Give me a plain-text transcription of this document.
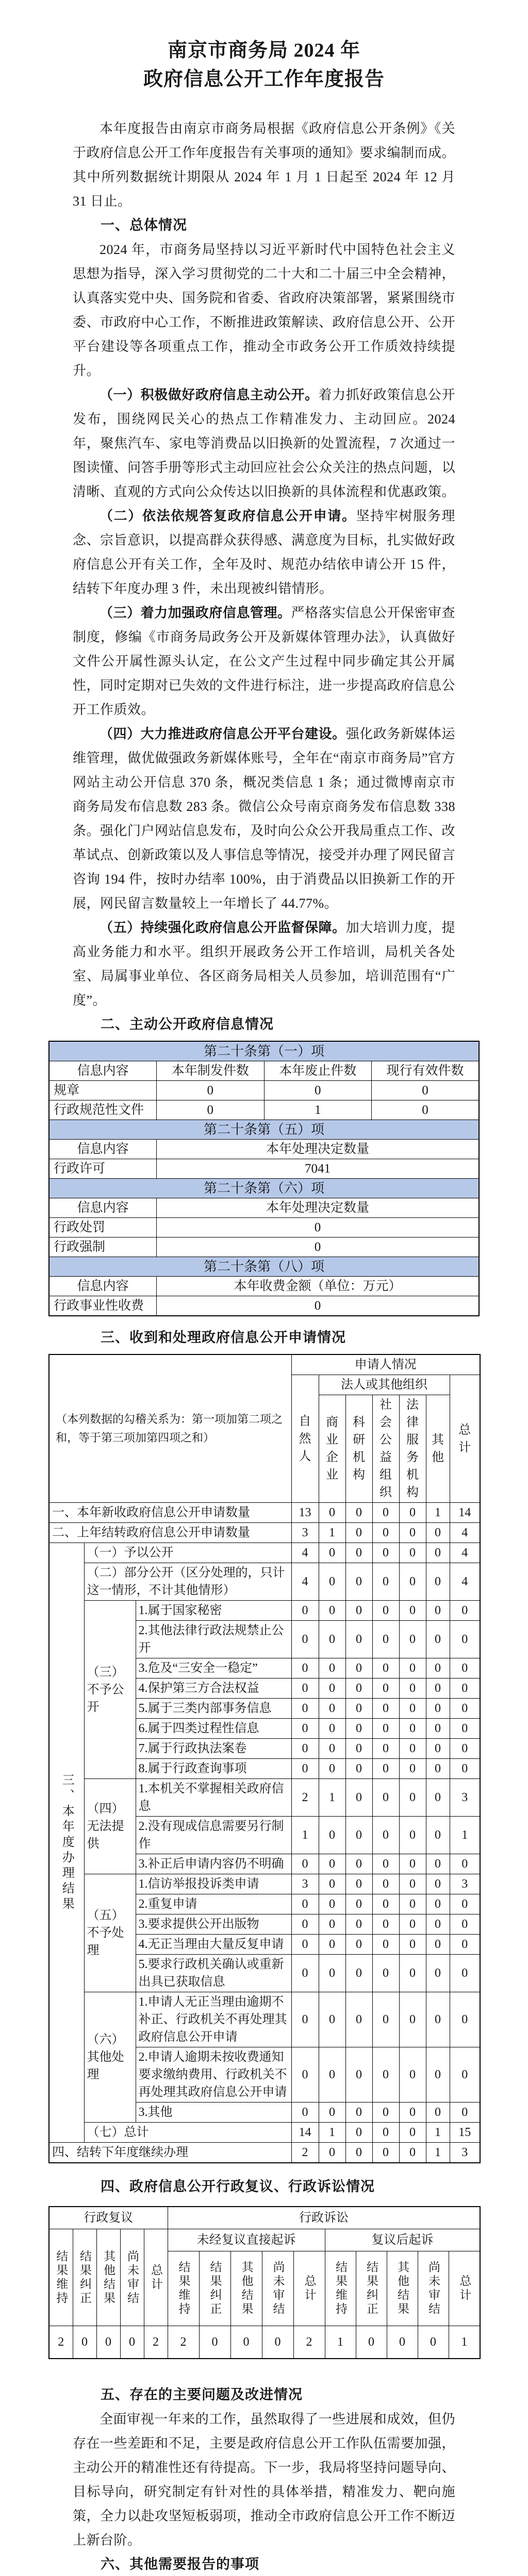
南京市商务局 2024 年
政府信息公开工作年度报告

本年度报告由南京市商务局根据《政府信息公开条例》《关于政府信息公开工作年度报告有关事项的通知》要求编制而成。其中所列数据统计期限从 2024 年 1 月 1 日起至 2024 年 12 月 31 日止。

一、总体情况

2024 年，市商务局坚持以习近平新时代中国特色社会主义思想为指导，深入学习贯彻党的二十大和二十届三中全会精神，认真落实党中央、国务院和省委、省政府决策部署，紧紧围绕市委、市政府中心工作，不断推进政策解读、政府信息公开、公开平台建设等各项重点工作，推动全市政务公开工作质效持续提升。

（一）积极做好政府信息主动公开。着力抓好政策信息公开发布，围绕网民关心的热点工作精准发力、主动回应。2024 年，聚焦汽车、家电等消费品以旧换新的处置流程，7 次通过一图读懂、问答手册等形式主动回应社会公众关注的热点问题，以清晰、直观的方式向公众传达以旧换新的具体流程和优惠政策。

（二）依法依规答复政府信息公开申请。坚持牢树服务理念、宗旨意识，以提高群众获得感、满意度为目标，扎实做好政府信息公开有关工作，全年及时、规范办结依申请公开 15 件，结转下年度办理 3 件，未出现被纠错情形。

（三）着力加强政府信息管理。严格落实信息公开保密审查制度，修编《市商务局政务公开及新媒体管理办法》，认真做好文件公开属性源头认定，在公文产生过程中同步确定其公开属性，同时定期对已失效的文件进行标注，进一步提高政府信息公开工作质效。

（四）大力推进政府信息公开平台建设。强化政务新媒体运维管理，做优做强政务新媒体账号，全年在“南京市商务局”官方网站主动公开信息 370 条，概况类信息 1 条；通过微博南京市商务局发布信息数 283 条。微信公众号南京商务发布信息数 338 条。强化门户网站信息发布，及时向公众公开我局重点工作、改革试点、创新政策以及人事信息等情况，接受并办理了网民留言咨询 194 件，按时办结率 100%，由于消费品以旧换新工作的开展，网民留言数量较上一年增长了 44.77%。

（五）持续强化政府信息公开监督保障。加大培训力度，提高业务能力和水平。组织开展政务公开工作培训，局机关各处室、局属事业单位、各区商务局相关人员参加，培训范围有“广度”。

二、主动公开政府信息情况
第二十条第（一）项			
信息内容	本年制发件数	本年废止件数	现行有效件数
规章	0	0	0
行政规范性文件	0	1	0
第二十条第（五）项			
信息内容	本年处理决定数量		
行政许可	7041		
第二十条第（六）项			
信息内容	本年处理决定数量		
行政处罚	0		
行政强制	0		
第二十条第（八）项			
信息内容	本年收费金额（单位：万元）		
行政事业性收费	0		
三、收到和处理政府信息公开申请情况
（本列数据的勾稽关系为：第一项加第二项之和，等于第三项加第四项之和）			申请人情况						
			自然人	法人或其他组织					总计
				商业企业	科研机构	社会公益组织	法律服务机构	其他	
一、本年新收政府信息公开申请数量			13	0	0	0	0	1	14
二、上年结转政府信息公开申请数量			3	1	0	0	0	0	4
三、本年度办理结果	（一）予以公开		4	0	0	0	0	0	4
	（二）部分公开（区分处理的，只计这一情形，不计其他情形）		4	0	0	0	0	0	4
	（三）不予公开	1.属于国家秘密	0	0	0	0	0	0	0
		2.其他法律行政法规禁止公开	0	0	0	0	0	0	0
		3.危及“三安全一稳定”	0	0	0	0	0	0	0
		4.保护第三方合法权益	0	0	0	0	0	0	0
		5.属于三类内部事务信息	0	0	0	0	0	0	0
		6.属于四类过程性信息	0	0	0	0	0	0	0
		7.属于行政执法案卷	0	0	0	0	0	0	0
		8.属于行政查询事项	0	0	0	0	0	0	0
	（四）无法提供	1.本机关不掌握相关政府信息	2	1	0	0	0	0	3
		2.没有现成信息需要另行制作	1	0	0	0	0	0	1
		3.补正后申请内容仍不明确	0	0	0	0	0	0	0
	（五）不予处理	1.信访举报投诉类申请	3	0	0	0	0	0	3
		2.重复申请	0	0	0	0	0	0	0
		3.要求提供公开出版物	0	0	0	0	0	0	0
		4.无正当理由大量反复申请	0	0	0	0	0	0	0
		5.要求行政机关确认或重新出具已获取信息	0	0	0	0	0	0	0
	（六）其他处理	1.申请人无正当理由逾期不补正、行政机关不再处理其政府信息公开申请	0	0	0	0	0	0	0
		2.申请人逾期未按收费通知要求缴纳费用、行政机关不再处理其政府信息公开申请	0	0	0	0	0	0	0
		3.其他	0	0	0	0	0	0	0
	（七）总计		14	1	0	0	0	1	15
四、结转下年度继续办理			2	0	0	0	0	1	3
四、政府信息公开行政复议、行政诉讼情况
行政复议					行政诉讼									
结果维持	结果纠正	其他结果	尚未审结	总计	未经复议直接起诉					复议后起诉				
					结果维持	结果纠正	其他结果	尚未审结	总计	结果维持	结果纠正	其他结果	尚未审结	总计
2	0	0	0	2	2	0	0	0	2	1	0	0	0	1
五、存在的主要问题及改进情况

全面审视一年来的工作，虽然取得了一些进展和成效，但仍存在一些差距和不足，主要是政府信息公开工作队伍需要加强，主动公开的精准性还有待提高。下一步，我局将坚持问题导向、目标导向，研究制定有针对性的具体举措，精准发力、靶向施策，全力以赴攻坚短板弱项，推动全市政府信息公开工作不断迈上新台阶。

六、其他需要报告的事项
